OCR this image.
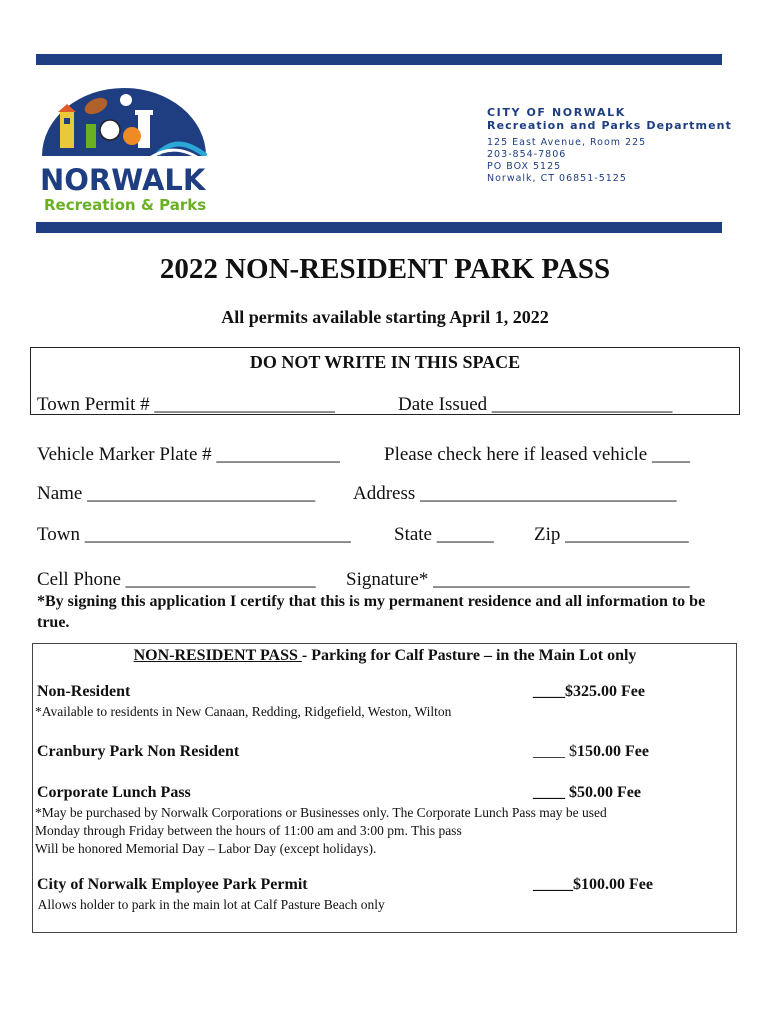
NORWALK
Recreation & Parks
CITY OF NORWALK
Recreation and Parks Department
125 East Avenue, Room 225
203-854-7806
PO BOX 5125
Norwalk, CT 06851-5125
2022 NON-RESIDENT PARK PASS
All permits available starting April 1, 2022
DO NOT WRITE IN THIS SPACE
Town Permit # ___________________	Date Issued ___________________
Vehicle Marker Plate # _____________ Please check here if leased vehicle ____
Name ________________________ Address ___________________________
Town ____________________________ State ______ Zip _____________
Cell Phone ____________________ Signature* ___________________________
*By signing this application I certify that this is my permanent residence and all information to be true.
NON-RESIDENT PASS - Parking for Calf Pasture – in the Main Lot only
Non-Resident	____$325.00 Fee
*Available to residents in New Canaan, Redding, Ridgefield, Weston, Wilton
Cranbury Park Non Resident	____ $150.00 Fee
Corporate Lunch Pass	____ $50.00 Fee
*May be purchased by Norwalk Corporations or Businesses only. The Corporate Lunch Pass may be used
Monday through Friday between the hours of 11:00 am and 3:00 pm. This pass
Will be honored Memorial Day – Labor Day (except holidays).
City of Norwalk Employee Park Permit	_____$100.00 Fee
Allows holder to park in the main lot at Calf Pasture Beach only
